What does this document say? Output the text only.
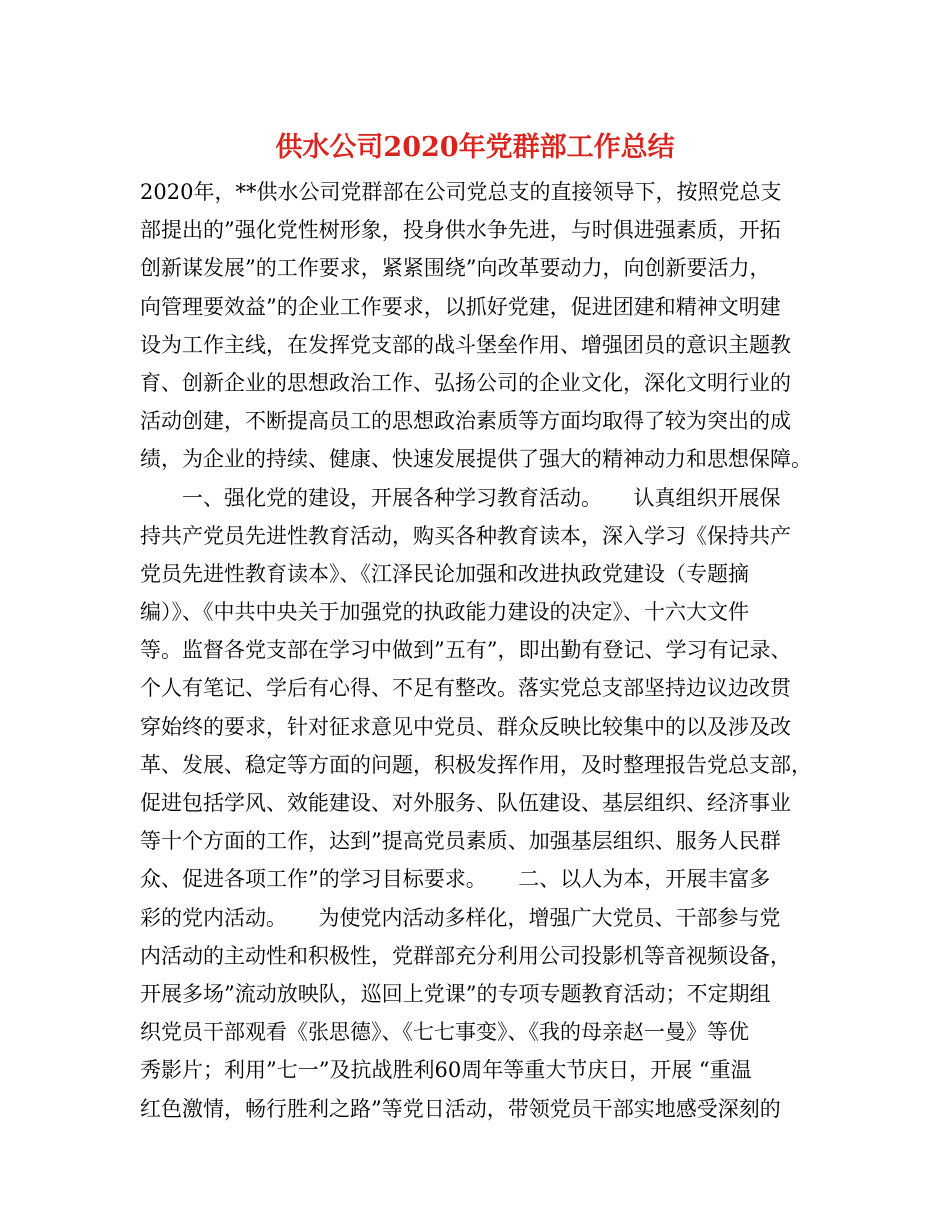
供水公司2020年党群部工作总结
2020年，**供水公司党群部在公司党总支的直接领导下，按照党总支
部提出的”强化党性树形象，投身供水争先进，与时俱进强素质，开拓
创新谋发展”的工作要求，紧紧围绕”向改革要动力，向创新要活力，
向管理要效益”的企业工作要求，以抓好党建，促进团建和精神文明建
设为工作主线，在发挥党支部的战斗堡垒作用、增强团员的意识主题教
育、创新企业的思想政治工作、弘扬公司的企业文化，深化文明行业的
活动创建，不断提高员工的思想政治素质等方面均取得了较为突出的成
绩，为企业的持续、健康、快速发展提供了强大的精神动力和思想保障。
　　一、强化党的建设，开展各种学习教育活动。　　认真组织开展保
持共产党员先进性教育活动，购买各种教育读本，深入学习《保持共产
党员先进性教育读本》、《江泽民论加强和改进执政党建设（专题摘
编）》、《中共中央关于加强党的执政能力建设的决定》、十六大文件
等。监督各党支部在学习中做到”五有”，即出勤有登记、学习有记录、
个人有笔记、学后有心得、不足有整改。落实党总支部坚持边议边改贯
穿始终的要求，针对征求意见中党员、群众反映比较集中的以及涉及改
革、发展、稳定等方面的问题，积极发挥作用，及时整理报告党总支部，
促进包括学风、效能建设、对外服务、队伍建设、基层组织、经济事业
等十个方面的工作，达到”提高党员素质、加强基层组织、服务人民群
众、促进各项工作”的学习目标要求。　　二、以人为本，开展丰富多
彩的党内活动。　　为使党内活动多样化，增强广大党员、干部参与党
内活动的主动性和积极性，党群部充分利用公司投影机等音视频设备，
开展多场”流动放映队，巡回上党课”的专项专题教育活动；不定期组
织党员干部观看《张思德》、《七七事变》、《我的母亲赵一曼》等优
秀影片；利用”七一”及抗战胜利60周年等重大节庆日，开展 “重温
红色激情，畅行胜利之路”等党日活动，带领党员干部实地感受深刻的
